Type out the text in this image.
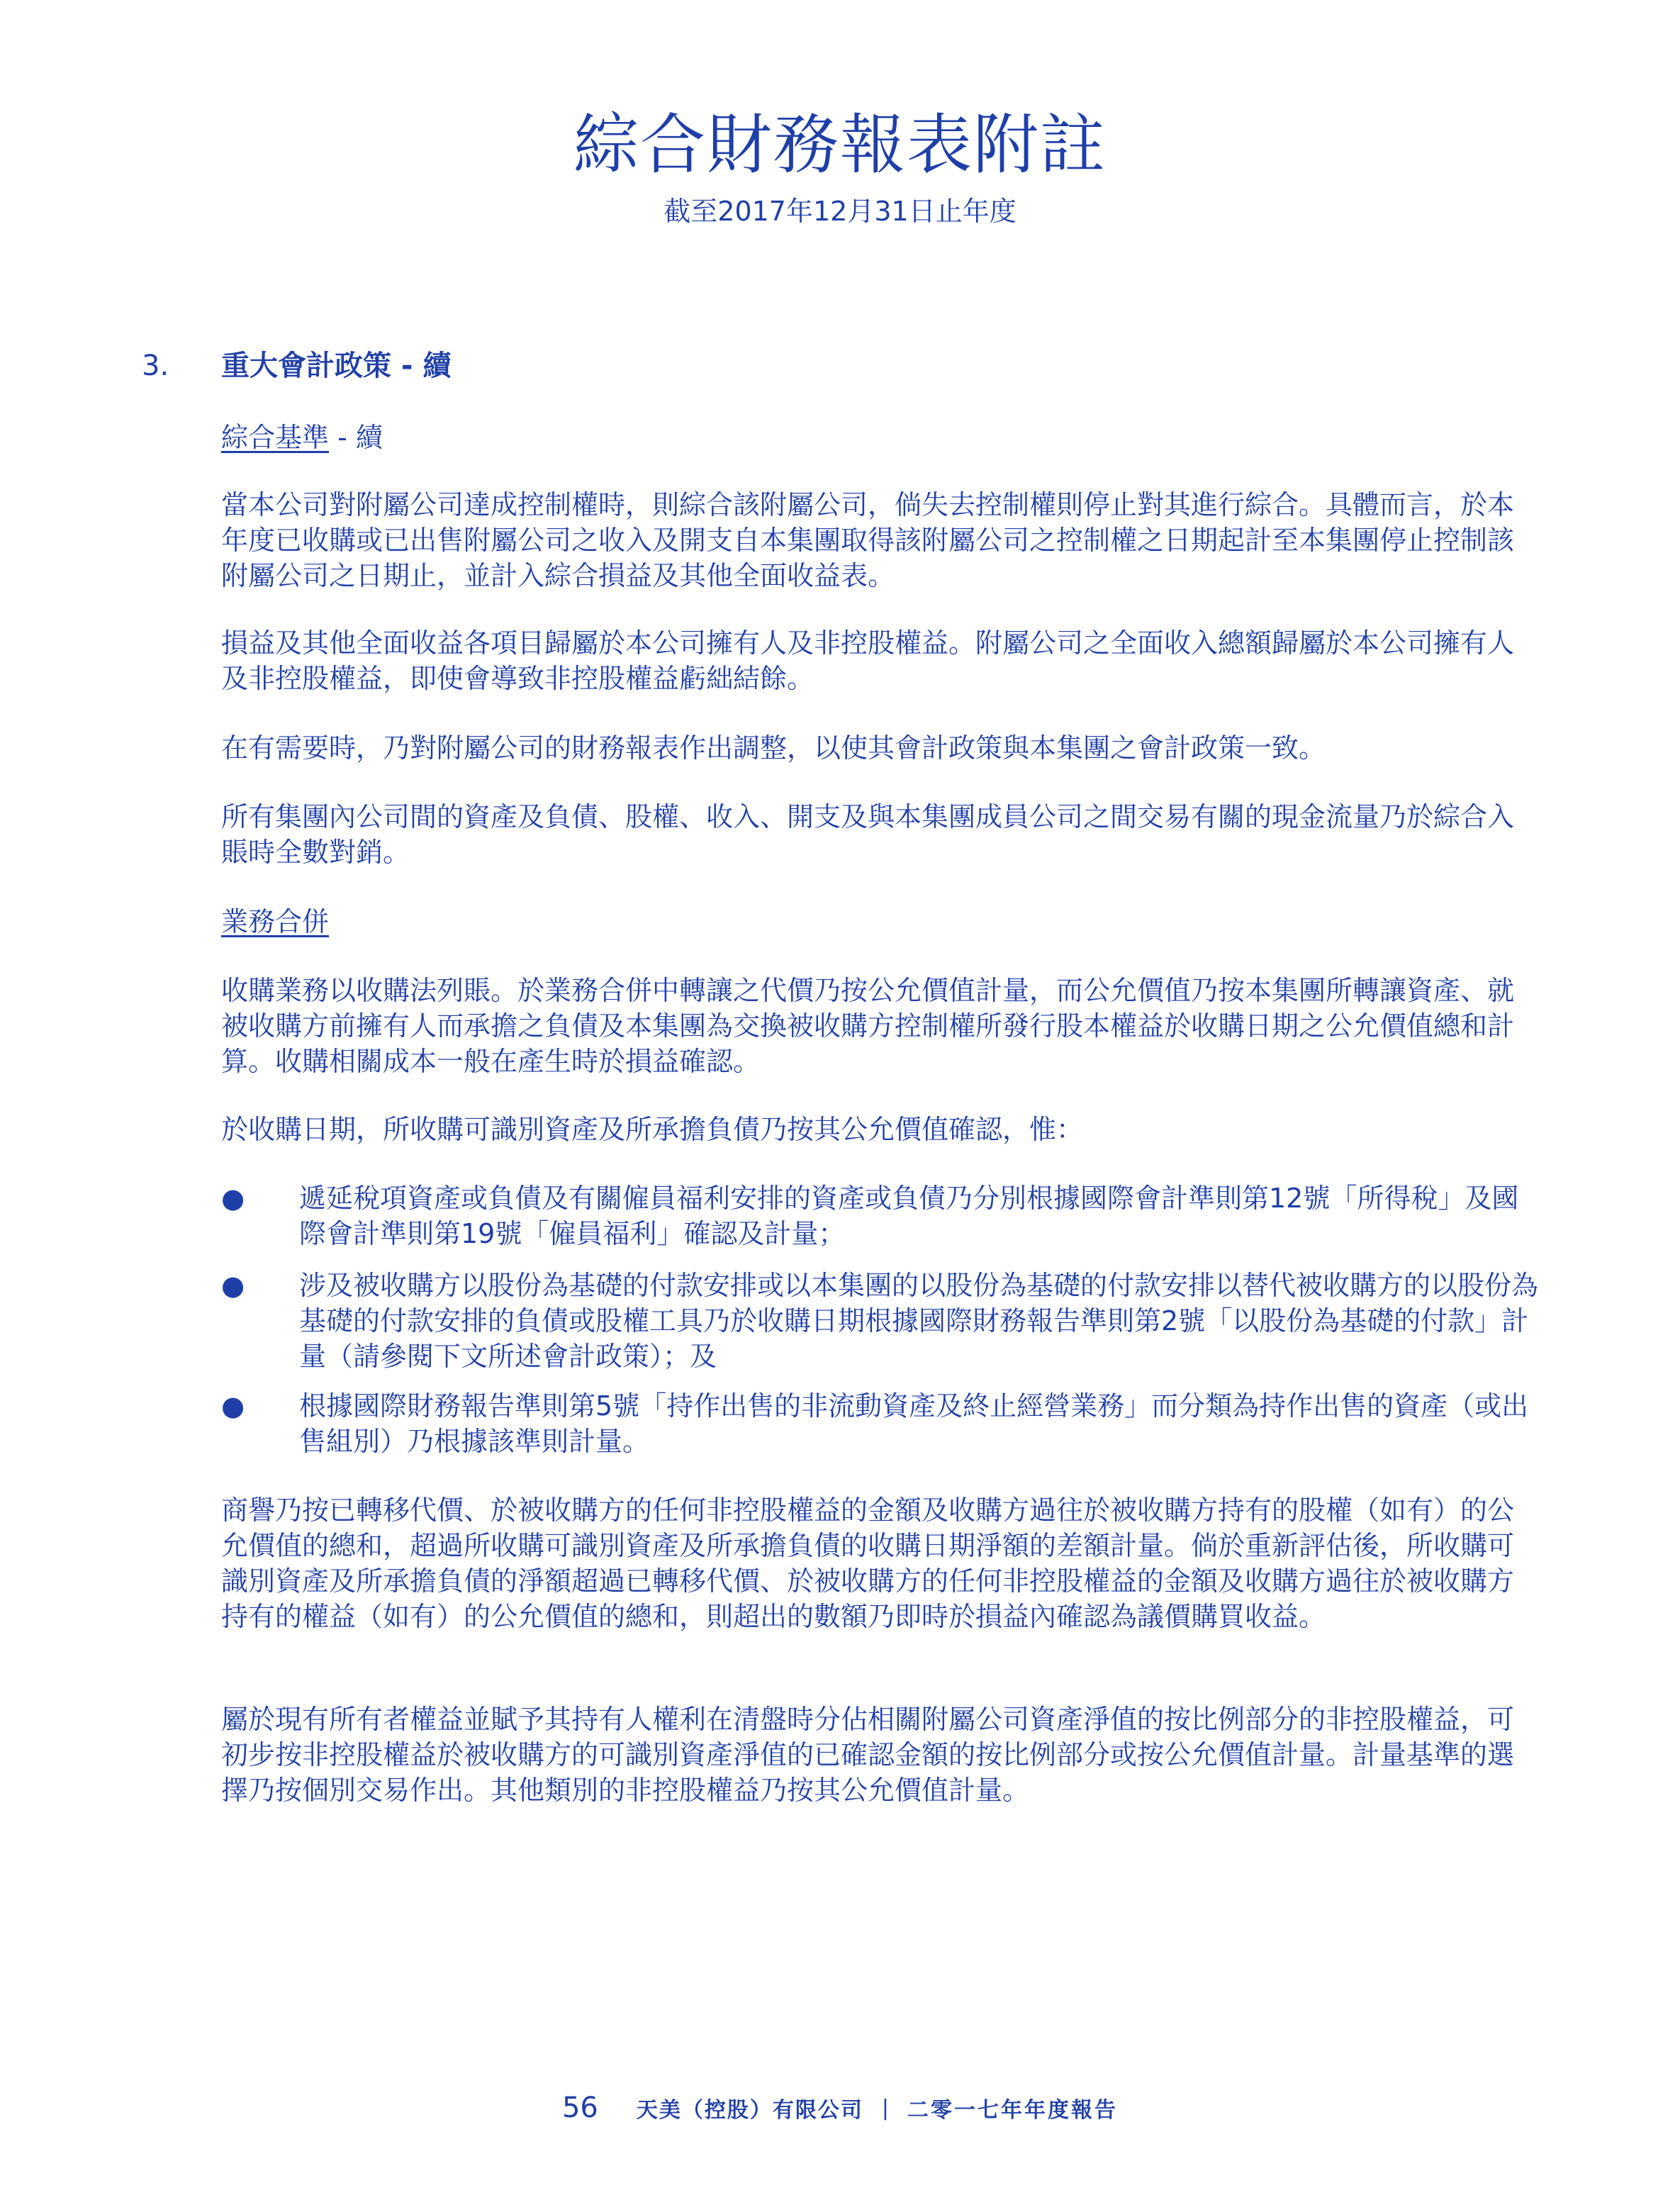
綜合財務報表附註
截至2017年12月31日止年度
3. 重大會計政策 - 續
綜合基準 - 續
當本公司對附屬公司達成控制權時，則綜合該附屬公司，倘失去控制權則停止對其進行綜合。具體而言，於本年度已收購或已出售附屬公司之收入及開支自本集團取得該附屬公司之控制權之日期起計至本集團停止控制該附屬公司之日期止，並計入綜合損益及其他全面收益表。
損益及其他全面收益各項目歸屬於本公司擁有人及非控股權益。附屬公司之全面收入總額歸屬於本公司擁有人及非控股權益，即使會導致非控股權益虧絀結餘。
在有需要時，乃對附屬公司的財務報表作出調整，以使其會計政策與本集團之會計政策一致。
所有集團內公司間的資產及負債、股權、收入、開支及與本集團成員公司之間交易有關的現金流量乃於綜合入賬時全數對銷。
業務合併
收購業務以收購法列賬。於業務合併中轉讓之代價乃按公允價值計量，而公允價值乃按本集團所轉讓資產、就被收購方前擁有人而承擔之負債及本集團為交換被收購方控制權所發行股本權益於收購日期之公允價值總和計算。收購相關成本一般在產生時於損益確認。
於收購日期，所收購可識別資產及所承擔負債乃按其公允價值確認，惟：
● 遞延稅項資產或負債及有關僱員福利安排的資產或負債乃分別根據國際會計準則第12號「所得稅」及國際會計準則第19號「僱員福利」確認及計量；
● 涉及被收購方以股份為基礎的付款安排或以本集團的以股份為基礎的付款安排以替代被收購方的以股份為基礎的付款安排的負債或股權工具乃於收購日期根據國際財務報告準則第2號「以股份為基礎的付款」計量（請參閱下文所述會計政策）；及
● 根據國際財務報告準則第5號「持作出售的非流動資產及終止經營業務」而分類為持作出售的資產（或出售組別）乃根據該準則計量。
商譽乃按已轉移代價、於被收購方的任何非控股權益的金額及收購方過往於被收購方持有的股權（如有）的公允價值的總和，超過所收購可識別資產及所承擔負債的收購日期淨額的差額計量。倘於重新評估後，所收購可識別資產及所承擔負債的淨額超過已轉移代價、於被收購方的任何非控股權益的金額及收購方過往於被收購方持有的權益（如有）的公允價值的總和，則超出的數額乃即時於損益內確認為議價購買收益。
屬於現有所有者權益並賦予其持有人權利在清盤時分佔相關附屬公司資產淨值的按比例部分的非控股權益，可初步按非控股權益於被收購方的可識別資產淨值的已確認金額的按比例部分或按公允價值計量。計量基準的選擇乃按個別交易作出。其他類別的非控股權益乃按其公允價值計量。
56 天美（控股）有限公司 | 二零一七年年度報告
